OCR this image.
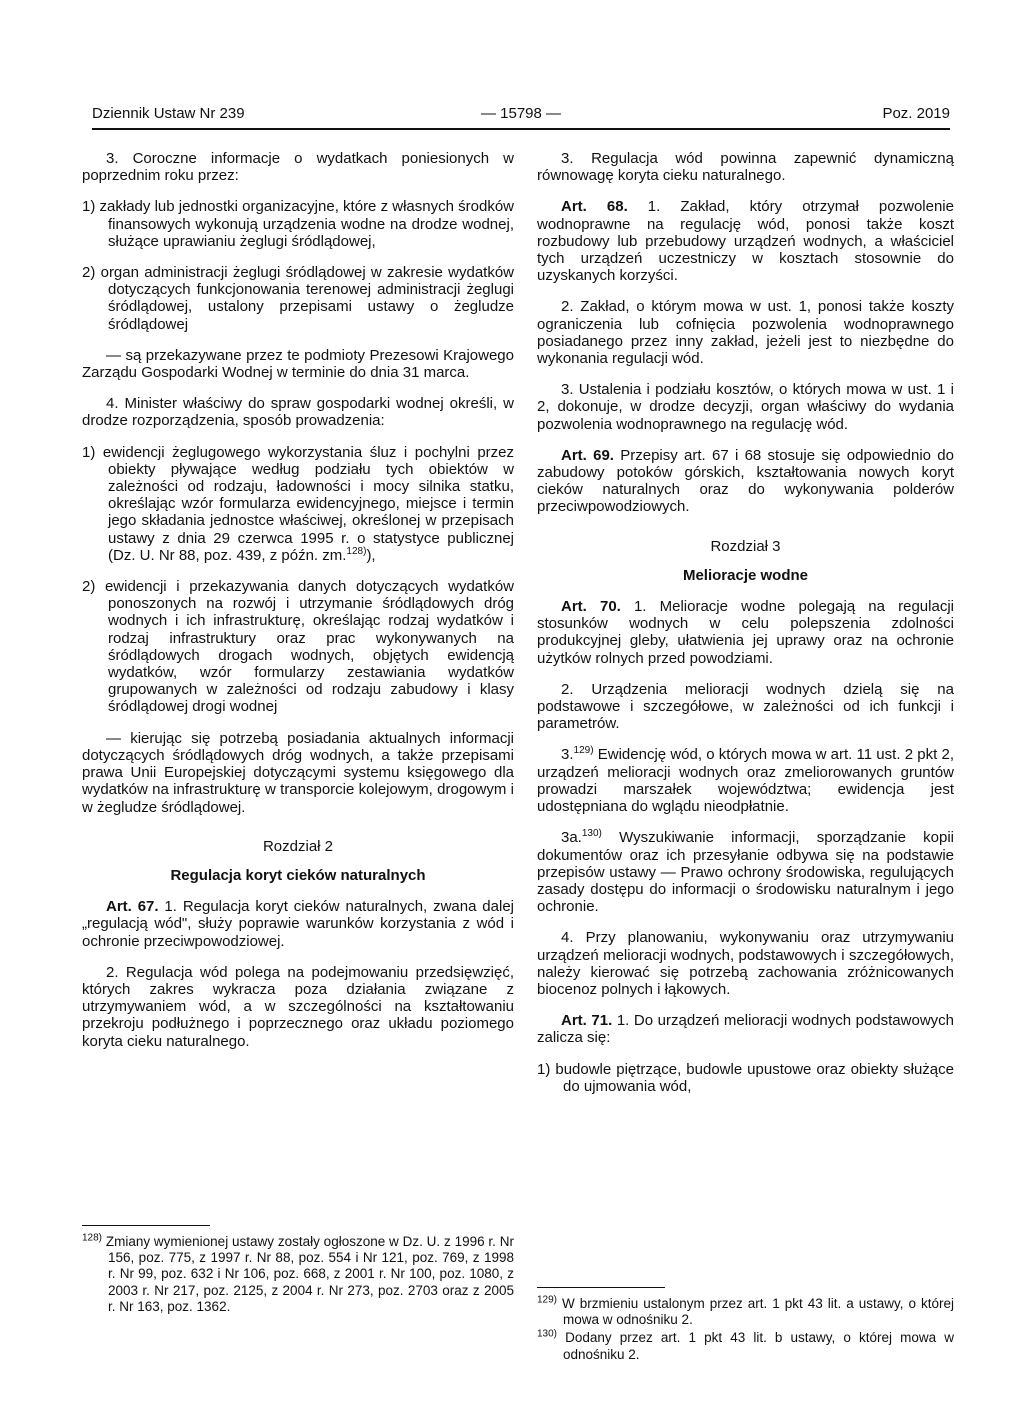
Dziennik Ustaw Nr 239	— 15798 —	Poz. 2019

3. Coroczne informacje o wydatkach poniesionych w poprzednim roku przez:

1) zakłady lub jednostki organizacyjne, które z własnych środków finansowych wykonują urządzenia wodne na drodze wodnej, służące uprawianiu żeglugi śródlądowej,

2) organ administracji żeglugi śródlądowej w zakresie wydatków dotyczących funkcjonowania terenowej administracji żeglugi śródlądowej, ustalony przepisami ustawy o żegludze śródlądowej

— są przekazywane przez te podmioty Prezesowi Krajowego Zarządu Gospodarki Wodnej w terminie do dnia 31 marca.

4. Minister właściwy do spraw gospodarki wodnej określi, w drodze rozporządzenia, sposób prowadzenia:

1) ewidencji żeglugowego wykorzystania śluz i pochylni przez obiekty pływające według podziału tych obiektów w zależności od rodzaju, ładowności i mocy silnika statku, określając wzór formularza ewidencyjnego, miejsce i termin jego składania jednostce właściwej, określonej w przepisach ustawy z dnia 29 czerwca 1995 r. o statystyce publicznej (Dz. U. Nr 88, poz. 439, z późn. zm.$^{128)}$),

2) ewidencji i przekazywania danych dotyczących wydatków ponoszonych na rozwój i utrzymanie śródlądowych dróg wodnych i ich infrastrukturę, określając rodzaj wydatków i rodzaj infrastruktury oraz prac wykonywanych na śródlądowych drogach wodnych, objętych ewidencją wydatków, wzór formularzy zestawiania wydatków grupowanych w zależności od rodzaju zabudowy i klasy śródlądowej drogi wodnej

— kierując się potrzebą posiadania aktualnych informacji dotyczących śródlądowych dróg wodnych, a także przepisami prawa Unii Europejskiej dotyczącymi systemu księgowego dla wydatków na infrastrukturę w transporcie kolejowym, drogowym i w żegludze śródlądowej.

Rozdział 2

Regulacja koryt cieków naturalnych

Art. 67. 1. Regulacja koryt cieków naturalnych, zwana dalej „regulacją wód", służy poprawie warunków korzystania z wód i ochronie przeciwpowodziowej.

2. Regulacja wód polega na podejmowaniu przedsięwzięć, których zakres wykracza poza działania związane z utrzymywaniem wód, a w szczególności na kształtowaniu przekroju podłużnego i poprzecznego oraz układu poziomego koryta cieku naturalnego.

3. Regulacja wód powinna zapewnić dynamiczną równowagę koryta cieku naturalnego.

Art. 68. 1. Zakład, który otrzymał pozwolenie wodnoprawne na regulację wód, ponosi także koszt rozbudowy lub przebudowy urządzeń wodnych, a właściciel tych urządzeń uczestniczy w kosztach stosownie do uzyskanych korzyści.

2. Zakład, o którym mowa w ust. 1, ponosi także koszty ograniczenia lub cofnięcia pozwolenia wodnoprawnego posiadanego przez inny zakład, jeżeli jest to niezbędne do wykonania regulacji wód.

3. Ustalenia i podziału kosztów, o których mowa w ust. 1 i 2, dokonuje, w drodze decyzji, organ właściwy do wydania pozwolenia wodnoprawnego na regulację wód.

Art. 69. Przepisy art. 67 i 68 stosuje się odpowiednio do zabudowy potoków górskich, kształtowania nowych koryt cieków naturalnych oraz do wykonywania polderów przeciwpowodziowych.

Rozdział 3

Melioracje wodne

Art. 70. 1. Melioracje wodne polegają na regulacji stosunków wodnych w celu polepszenia zdolności produkcyjnej gleby, ułatwienia jej uprawy oraz na ochronie użytków rolnych przed powodziami.

2. Urządzenia melioracji wodnych dzielą się na podstawowe i szczegółowe, w zależności od ich funkcji i parametrów.

3.$^{129)}$ Ewidencję wód, o których mowa w art. 11 ust. 2 pkt 2, urządzeń melioracji wodnych oraz zmeliorowanych gruntów prowadzi marszałek województwa; ewidencja jest udostępniana do wglądu nieodpłatnie.

3a.$^{130)}$ Wyszukiwanie informacji, sporządzanie kopii dokumentów oraz ich przesyłanie odbywa się na podstawie przepisów ustawy — Prawo ochrony środowiska, regulujących zasady dostępu do informacji o środowisku naturalnym i jego ochronie.

4. Przy planowaniu, wykonywaniu oraz utrzymywaniu urządzeń melioracji wodnych, podstawowych i szczegółowych, należy kierować się potrzebą zachowania zróżnicowanych biocenoz polnych i łąkowych.

Art. 71. 1. Do urządzeń melioracji wodnych podstawowych zalicza się:

1) budowle piętrzące, budowle upustowe oraz obiekty służące do ujmowania wód,

$^{128)}$ Zmiany wymienionej ustawy zostały ogłoszone w Dz. U. z 1996 r. Nr 156, poz. 775, z 1997 r. Nr 88, poz. 554 i Nr 121, poz. 769, z 1998 r. Nr 99, poz. 632 i Nr 106, poz. 668, z 2001 r. Nr 100, poz. 1080, z 2003 r. Nr 217, poz. 2125, z 2004 r. Nr 273, poz. 2703 oraz z 2005 r. Nr 163, poz. 1362.	$^{129)}$ W brzmieniu ustalonym przez art. 1 pkt 43 lit. a ustawy, o której mowa w odnośniku 2.
$^{130)}$ Dodany przez art. 1 pkt 43 lit. b ustawy, o której mowa w odnośniku 2.
